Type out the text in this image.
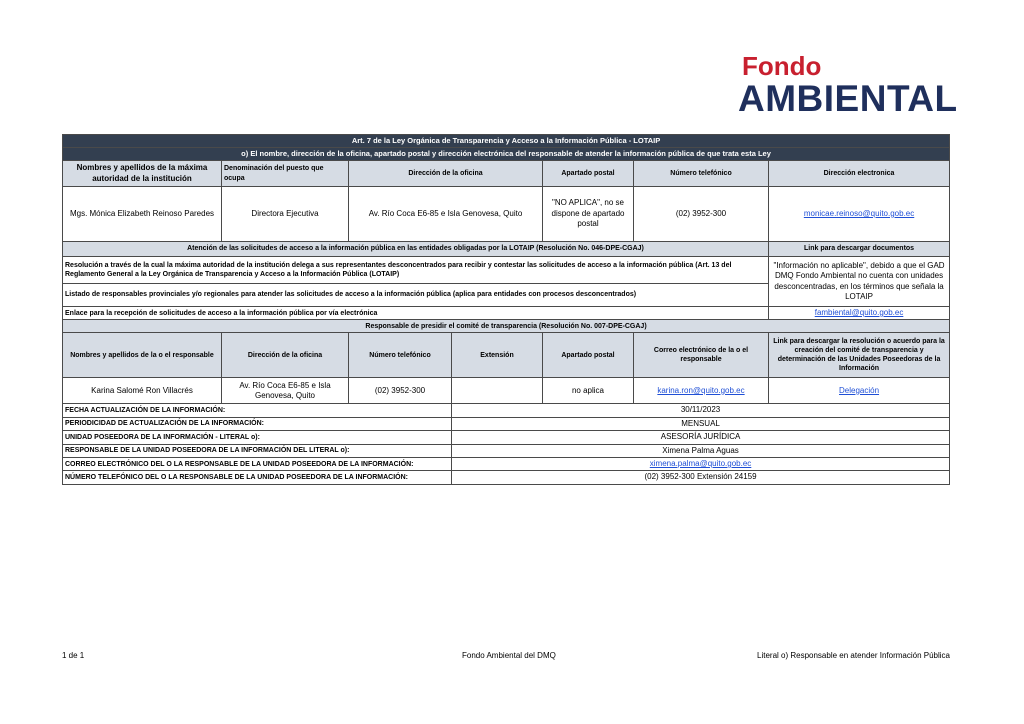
Fondo
AMBIENTAL
Art. 7 de la Ley Orgánica de Transparencia y Acceso a la Información Pública - LOTAIP						
o) El nombre, dirección de la oficina, apartado postal y dirección electrónica del responsable de atender la información pública de que trata esta Ley						
Nombres y apellidos de la máxima autoridad de la institución	Denominación del puesto que ocupa	Dirección de la oficina		Apartado postal	Número telefónico	Dirección electronica
Mgs. Mónica Elizabeth Reinoso Paredes	Directora Ejecutiva	Av. Río Coca E6-85 e Isla Genovesa, Quito		"NO APLICA", no se dispone de apartado postal	(02) 3952-300	monicae.reinoso@quito.gob.ec
Atención de las solicitudes de acceso a la información pública en las entidades obligadas por la LOTAIP (Resolución No. 046-DPE-CGAJ)						Link para descargar documentos
Resolución a través de la cual la máxima autoridad de la institución delega a sus representantes desconcentrados para recibir y contestar las solicitudes de acceso a la información pública (Art. 13 del Reglamento General a la Ley Orgánica de Transparencia y Acceso a la Información Pública (LOTAIP)						"Información no aplicable", debido a que el GAD DMQ Fondo Ambiental no cuenta con unidades desconcentradas, en los términos que señala la LOTAIP
Listado de responsables provinciales y/o regionales para atender las solicitudes de acceso a la información pública (aplica para entidades con procesos desconcentrados)						
Enlace para la recepción de solicitudes de acceso a la información pública por vía electrónica						fambiental@quito.gob.ec
Responsable de presidir el comité de transparencia (Resolución No. 007-DPE-CGAJ)						
Nombres y apellidos de la o el responsable	Dirección de la oficina	Número telefónico	Extensión	Apartado postal	Correo electrónico de la o el responsable	Link para descargar la resolución o acuerdo para la creación del comité de transparencia y determinación de las Unidades Poseedoras de la Información
Karina Salomé Ron Villacrés	Av. Río Coca E6-85 e Isla Genovesa, Quito	(02) 3952-300		no aplica	karina.ron@quito.gob.ec	Delegación
FECHA ACTUALIZACIÓN DE LA INFORMACIÓN:			30/11/2023			
PERIODICIDAD DE ACTUALIZACIÓN DE LA INFORMACIÓN:			MENSUAL			
UNIDAD POSEEDORA DE LA INFORMACIÓN - LITERAL o):			ASESORÍA JURÍDICA			
RESPONSABLE DE LA UNIDAD POSEEDORA DE LA INFORMACIÓN DEL LITERAL o):			Ximena Palma Aguas			
CORREO ELECTRÓNICO DEL O LA RESPONSABLE DE LA UNIDAD POSEEDORA DE LA INFORMACIÓN:			ximena.palma@quito.gob.ec			
NÚMERO TELEFÓNICO DEL O LA RESPONSABLE DE LA UNIDAD POSEEDORA DE LA INFORMACIÓN:			(02) 3952-300 Extensión 24159			
1 de 1	Fondo Ambiental del DMQ	Literal o) Responsable en atender Información Pública
